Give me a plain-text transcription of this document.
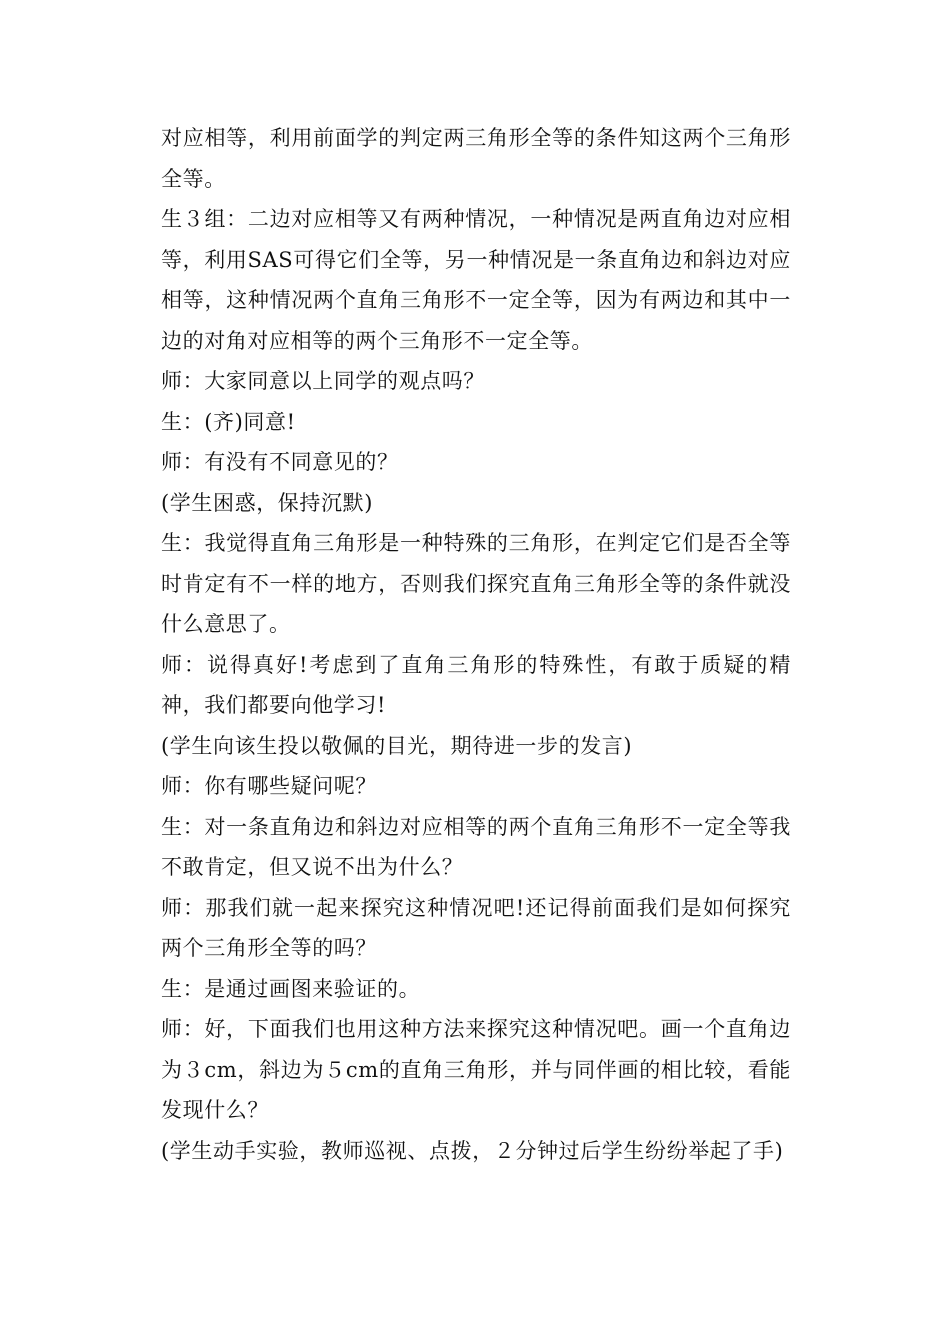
对应相等，利用前面学的判定两三角形全等的条件知这两个三角形全等。

生３组：二边对应相等又有两种情况，一种情况是两直角边对应相等，利用SAS可得它们全等，另一种情况是一条直角边和斜边对应相等，这种情况两个直角三角形不一定全等，因为有两边和其中一边的对角对应相等的两个三角形不一定全等。

师：大家同意以上同学的观点吗？

生：(齐)同意!

师：有没有不同意见的？

(学生困惑，保持沉默)

生：我觉得直角三角形是一种特殊的三角形，在判定它们是否全等时肯定有不一样的地方，否则我们探究直角三角形全等的条件就没什么意思了。

师：说得真好!考虑到了直角三角形的特殊性，有敢于质疑的精神，我们都要向他学习!

(学生向该生投以敬佩的目光，期待进一步的发言)

师：你有哪些疑问呢？

生：对一条直角边和斜边对应相等的两个直角三角形不一定全等我不敢肯定，但又说不出为什么？

师：那我们就一起来探究这种情况吧!还记得前面我们是如何探究两个三角形全等的吗？

生：是通过画图来验证的。

师：好，下面我们也用这种方法来探究这种情况吧。画一个直角边为３cm，斜边为５cm的直角三角形，并与同伴画的相比较，看能发现什么？

(学生动手实验，教师巡视、点拨，２分钟过后学生纷纷举起了手)
